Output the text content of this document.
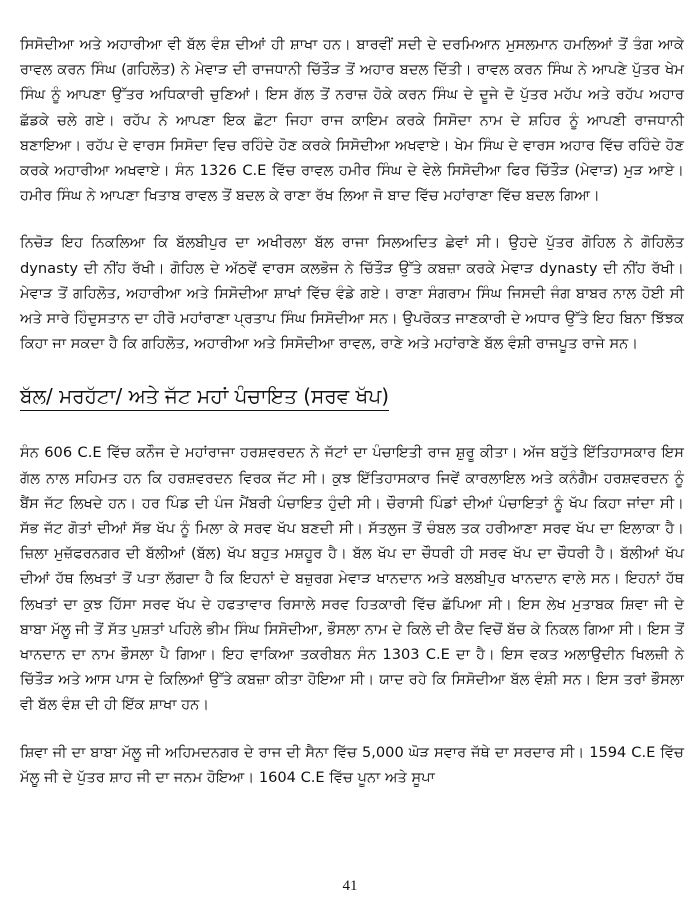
ਸਿਸੋਦੀਆ ਅਤੇ ਅਹਾਰੀਆ ਵੀ ਬੱਲ ਵੰਸ਼ ਦੀਆਂ ਹੀ ਸ਼ਾਖਾ ਹਨ। ਬਾਰਵੀਂ ਸਦੀ ਦੇ ਦਰਮਿਆਨ ਮੁਸਲਮਾਨ ਹਮਲਿਆਂ ਤੋਂ ਤੰਗ ਆਕੇ ਰਾਵਲ ਕਰਨ ਸਿੰਘ (ਗਹਿਲੋਤ) ਨੇ ਮੇਵਾੜ ਦੀ ਰਾਜਧਾਨੀ ਚਿੱਤੌੜ ਤੋਂ ਅਹਾਰ ਬਦਲ ਦਿੱਤੀ। ਰਾਵਲ ਕਰਨ ਸਿੰਘ ਨੇ ਆਪਣੇ ਪੁੱਤਰ ਖੇਮ ਸਿੰਘ ਨੂੰ ਆਪਣਾ ਉੱਤਰ ਅਧਿਕਾਰੀ ਚੁਣਿਆਂ। ਇਸ ਗੱਲ ਤੋਂ ਨਰਾਜ਼ ਹੋਕੇ ਕਰਨ ਸਿੰਘ ਦੇ ਦੂਜੇ ਦੋ ਪੁੱਤਰ ਮਹੱਪ ਅਤੇ ਰਹੱਪ ਅਹਾਰ ਛੱਡਕੇ ਚਲੇ ਗਏ। ਰਹੱਪ ਨੇ ਆਪਣਾ ਇਕ ਛੋਟਾ ਜਿਹਾ ਰਾਜ ਕਾਇਮ ਕਰਕੇ ਸਿਸੋਦਾ ਨਾਮ ਦੇ ਸ਼ਹਿਰ ਨੂੰ ਆਪਣੀ ਰਾਜਧਾਨੀ ਬਣਾਇਆ। ਰਹੱਪ ਦੇ ਵਾਰਸ ਸਿਸੋਦਾ ਵਿਚ ਰਹਿੰਦੇ ਹੋਣ ਕਰਕੇ ਸਿਸੋਦੀਆ ਅਖਵਾਏ। ਖੇਮ ਸਿੰਘ ਦੇ ਵਾਰਸ ਅਹਾਰ ਵਿੱਚ ਰਹਿੰਦੇ ਹੋਣ ਕਰਕੇ ਅਹਾਰੀਆ ਅਖਵਾਏ। ਸੰਨ 1326 C.E ਵਿੱਚ ਰਾਵਲ ਹਮੀਰ ਸਿੰਘ ਦੇ ਵੇਲੇ ਸਿਸੋਦੀਆ ਫਿਰ ਚਿੱਤੌੜ (ਮੇਵਾੜ) ਮੁੜ ਆਏ। ਹਮੀਰ ਸਿੰਘ ਨੇ ਆਪਣਾ ਖਿਤਾਬ ਰਾਵਲ ਤੋਂ ਬਦਲ ਕੇ ਰਾਣਾ ਰੱਖ ਲਿਆ ਜੋ ਬਾਦ ਵਿੱਚ ਮਹਾਂਰਾਣਾ ਵਿੱਚ ਬਦਲ ਗਿਆ।

ਨਿਚੋੜ ਇਹ ਨਿਕਲਿਆ ਕਿ ਬੱਲਬੀਪੁਰ ਦਾ ਅਖੀਰਲਾ ਬੱਲ ਰਾਜਾ ਸਿਲਅਦਿਤ ਛੇਵਾਂ ਸੀ। ਉਹਦੇ ਪੁੱਤਰ ਗੋਹਿਲ ਨੇ ਗੋਹਿਲੋਤ dynasty ਦੀ ਨੀਂਹ ਰੱਖੀ। ਗੋਹਿਲ ਦੇ ਅੱਠਵੇਂ ਵਾਰਸ ਕਲਭੋਜ ਨੇ ਚਿੱਤੌੜ ਉੱਤੇ ਕਬਜ਼ਾ ਕਰਕੇ ਮੇਵਾੜ dynasty ਦੀ ਨੀਂਹ ਰੱਖੀ। ਮੇਵਾੜ ਤੋਂ ਗਹਿਲੋਤ, ਅਹਾਰੀਆ ਅਤੇ ਸਿਸੋਦੀਆ ਸ਼ਾਖਾਂ ਵਿੱਚ ਵੰਡੇ ਗਏ। ਰਾਣਾ ਸੰਗਰਾਮ ਸਿੰਘ ਜਿਸਦੀ ਜੰਗ ਬਾਬਰ ਨਾਲ ਹੋਈ ਸੀ ਅਤੇ ਸਾਰੇ ਹਿੰਦੁਸਤਾਨ ਦਾ ਹੀਰੋ ਮਹਾਂਰਾਣਾ ਪ੍ਰਤਾਪ ਸਿੰਘ ਸਿਸੋਦੀਆ ਸਨ। ਉਪਰੋਕਤ ਜਾਣਕਾਰੀ ਦੇ ਅਧਾਰ ਉੱਤੇ ਇਹ ਬਿਨਾ ਝਿੱਝਕ ਕਿਹਾ ਜਾ ਸਕਦਾ ਹੈ ਕਿ ਗਹਿਲੋਤ, ਅਹਾਰੀਆ ਅਤੇ ਸਿਸੋਦੀਆ ਰਾਵਲ, ਰਾਣੇ ਅਤੇ ਮਹਾਂਰਾਣੇ ਬੱਲ ਵੰਸ਼ੀ ਰਾਜਪੂਤ ਰਾਜੇ ਸਨ।

ਬੱਲ/ ਮਰਹੱਟਾ/ ਅਤੇ ਜੱਟ ਮਹਾਂ ਪੰਚਾਇਤ (ਸਰਵ ਖੱਪ)

ਸੰਨ 606 C.E ਵਿੱਚ ਕਨੌਜ ਦੇ ਮਹਾਂਰਾਜਾ ਹਰਸ਼ਵਰਦਨ ਨੇ ਜੱਟਾਂ ਦਾ ਪੰਚਾਇਤੀ ਰਾਜ ਸ਼ੁਰੂ ਕੀਤਾ। ਅੱਜ ਬਹੁੱਤੇ ਇੱਤਿਹਾਸਕਾਰ ਇਸ ਗੱਲ ਨਾਲ ਸਹਿਮਤ ਹਨ ਕਿ ਹਰਸ਼ਵਰਦਨ ਵਿਰਕ ਜੱਟ ਸੀ। ਕੁਝ ਇੱਤਿਹਾਸਕਾਰ ਜਿਵੇਂ ਕਾਰਲਾਇਲ ਅਤੇ ਕਨੰਗੈਮ ਹਰਸ਼ਵਰਦਨ ਨੂੰ ਬੈਂਸ ਜੱਟ ਲਿਖਦੇ ਹਨ। ਹਰ ਪਿੰਡ ਦੀ ਪੰਜ ਮੈਂਬਰੀ ਪੰਚਾਇਤ ਹੁੰਦੀ ਸੀ। ਚੌਰਾਸੀ ਪਿੰਡਾਂ ਦੀਆਂ ਪੰਚਾਇਤਾਂ ਨੂੰ ਖੱਪ ਕਿਹਾ ਜਾਂਦਾ ਸੀ। ਸੱਭ ਜੱਟ ਗੋਤਾਂ ਦੀਆਂ ਸੱਭ ਖੱਪ ਨੂੰ ਮਿਲਾ ਕੇ ਸਰਵ ਖੱਪ ਬਣਦੀ ਸੀ। ਸੱਤਲੁਜ ਤੋਂ ਚੰਬਲ ਤਕ ਹਰੀਆਣਾ ਸਰਵ ਖੱਪ ਦਾ ਇਲਾਕਾ ਹੈ। ਜ਼ਿਲਾ ਮੁਜ਼ੱਫਰਨਗਰ ਦੀ ਬੱਲੀਆਂ (ਬੱਲ) ਖੱਪ ਬਹੁਤ ਮਸ਼ਹੂਰ ਹੈ। ਬੱਲ ਖੱਪ ਦਾ ਚੌਧਰੀ ਹੀ ਸਰਵ ਖੱਪ ਦਾ ਚੌਧਰੀ ਹੈ। ਬੱਲੀਆਂ ਖੱਪ ਦੀਆਂ ਹੱਥ ਲਿਖਤਾਂ ਤੋਂ ਪਤਾ ਲੱਗਦਾ ਹੈ ਕਿ ਇਹਨਾਂ ਦੇ ਬਜ਼ੁਰਗ ਮੇਵਾੜ ਖਾਨਦਾਨ ਅਤੇ ਬਲਬੀਪੁਰ ਖਾਨਦਾਨ ਵਾਲੇ ਸਨ। ਇਹਨਾਂ ਹੱਥ ਲਿਖਤਾਂ ਦਾ ਕੁਝ ਹਿੱਸਾ ਸਰਵ ਖੱਪ ਦੇ ਹਫਤਾਵਾਰ ਰਿਸਾਲੇ ਸਰਵ ਹਿਤਕਾਰੀ ਵਿੱਚ ਛੱਪਿਆ ਸੀ। ਇਸ ਲੇਖ ਮੁਤਾਬਕ ਸ਼ਿਵਾ ਜੀ ਦੇ ਬਾਬਾ ਮੱਲੂ ਜੀ ਤੋਂ ਸੱਤ ਪੁਸ਼ਤਾਂ ਪਹਿਲੇ ਭੀਮ ਸਿੰਘ ਸਿਸੋਦੀਆ, ਭੌਸਲਾ ਨਾਮ ਦੇ ਕਿਲੇ ਦੀ ਕੈਦ ਵਿਚੋਂ ਬੱਚ ਕੇ ਨਿਕਲ ਗਿਆ ਸੀ। ਇਸ ਤੋਂ ਖਾਨਦਾਨ ਦਾ ਨਾਮ ਭੌਸਲਾ ਪੈ ਗਿਆ। ਇਹ ਵਾਕਿਆ ਤਕਰੀਬਨ ਸੰਨ 1303 C.E ਦਾ ਹੈ। ਇਸ ਵਕਤ ਅਲਾਉਦੀਨ ਖਿਲਜ਼ੀ ਨੇ ਚਿੱਤੌੜ ਅਤੇ ਆਸ ਪਾਸ ਦੇ ਕਿਲਿਆਂ ਉੱਤੇ ਕਬਜ਼ਾ ਕੀਤਾ ਹੋਇਆ ਸੀ। ਯਾਦ ਰਹੇ ਕਿ ਸਿਸੋਦੀਆ ਬੱਲ ਵੰਸ਼ੀ ਸਨ। ਇਸ ਤਰਾਂ ਭੌਸਲਾ ਵੀ ਬੱਲ ਵੰਸ਼ ਦੀ ਹੀ ਇੱਕ ਸ਼ਾਖਾ ਹਨ।

ਸ਼ਿਵਾ ਜੀ ਦਾ ਬਾਬਾ ਮੱਲੂ ਜੀ ਅਹਿਮਦਨਗਰ ਦੇ ਰਾਜ ਦੀ ਸੈਨਾ ਵਿੱਚ 5,000 ਘੋੜ ਸਵਾਰ ਜੱਥੇ ਦਾ ਸਰਦਾਰ ਸੀ। 1594 C.E ਵਿੱਚ ਮੱਲੂ ਜੀ ਦੇ ਪੁੱਤਰ ਸ਼ਾਹ ਜੀ ਦਾ ਜਨਮ ਹੋਇਆ। 1604 C.E ਵਿੱਚ ਪੂਨਾ ਅਤੇ ਸੂਪਾ

41
